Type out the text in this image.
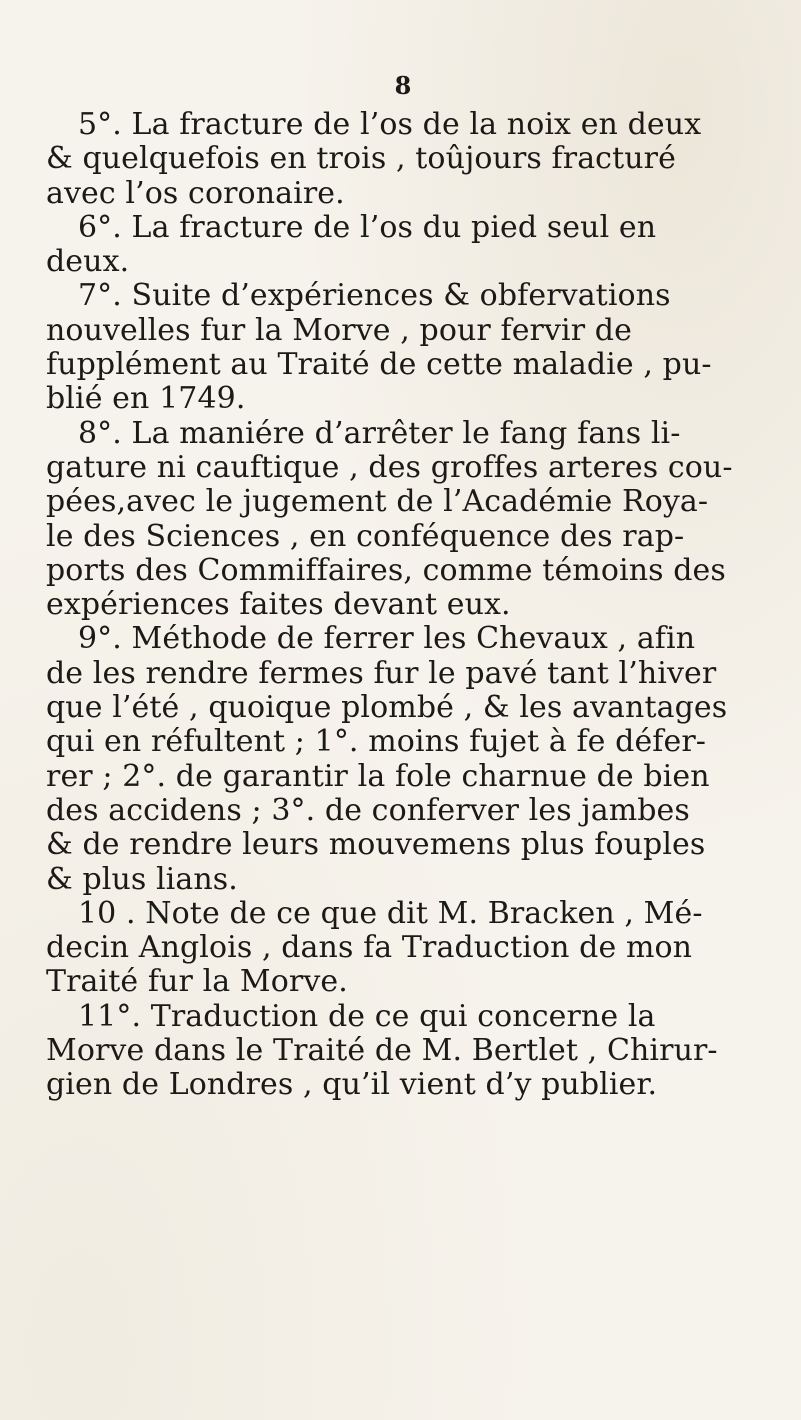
8
5°. La fracture de l’os de la noix en deux
& quelquefois en trois , toûjours fracturé
avec l’os coronaire.
6°. La fracture de l’os du pied seul en
deux.
7°. Suite d’expériences & obfervations
nouvelles fur la Morve , pour fervir de
fupplément au Traité de cette maladie , pu-
blié en 1749.
8°. La maniére d’arrêter le fang fans li-
gature ni cauftique , des groffes arteres cou-
pées,avec le jugement de l’Académie Roya-
le des Sciences , en conféquence des rap-
ports des Commiffaires, comme témoins des
expériences faites devant eux.
9°. Méthode de ferrer les Chevaux , afin
de les rendre fermes fur le pavé tant l’hiver
que l’été , quoique plombé , & les avantages
qui en réfultent ; 1°. moins fujet à fe défer-
rer ; 2°. de garantir la fole charnue de bien
des accidens ; 3°. de conferver les jambes
& de rendre leurs mouvemens plus fouples
& plus lians.
10 . Note de ce que dit M. Bracken , Mé-
decin Anglois , dans fa Traduction de mon
Traité fur la Morve.
11°. Traduction de ce qui concerne la
Morve dans le Traité de M. Bertlet , Chirur-
gien de Londres , qu’il vient d’y publier.
